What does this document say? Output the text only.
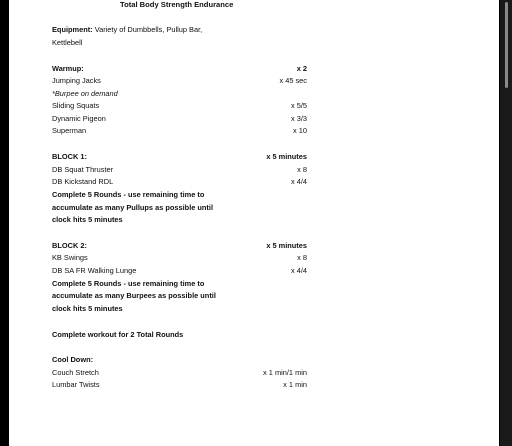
Total Body Strength Endurance
Equipment: Variety of Dumbbells, Pullup Bar,
Kettlebell
Warmup:	x 2
Jumping Jacks	x 45 sec
*Burpee on demand
Sliding Squats	x 5/5
Dynamic Pigeon	x 3/3
Superman	x 10
BLOCK 1:	x 5 minutes
DB Squat Thruster	x 8
DB Kickstand RDL	x 4/4
Complete 5 Rounds - use remaining time to
accumulate as many Pullups as possible until
clock hits 5 minutes
BLOCK 2:	x 5 minutes
KB Swings	x 8
DB SA FR Walking Lunge	x 4/4
Complete 5 Rounds - use remaining time to
accumulate as many Burpees as possible until
clock hits 5 minutes
Complete workout for 2 Total Rounds
Cool Down:
Couch Stretch	x 1 min/1 min
Lumbar Twists	x 1 min
